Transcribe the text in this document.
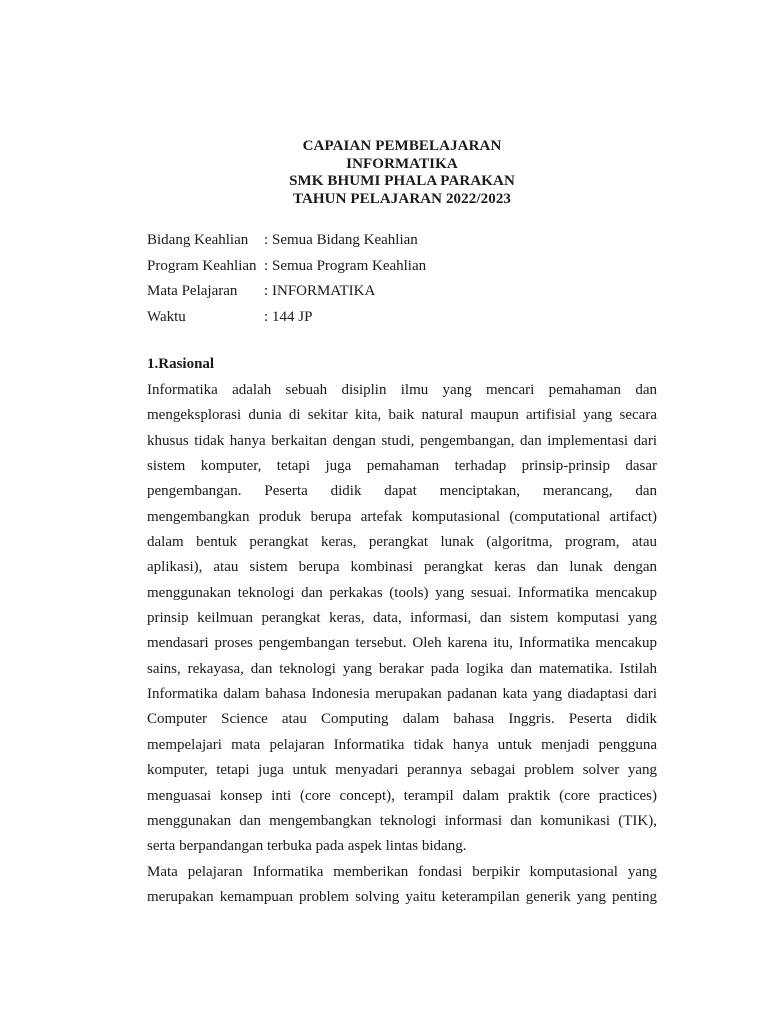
CAPAIAN PEMBELAJARAN
INFORMATIKA
SMK BHUMI PHALA PARAKAN
TAHUN PELAJARAN 2022/2023
Bidang Keahlian : Semua Bidang Keahlian
Program Keahlian : Semua Program Keahlian
Mata Pelajaran : INFORMATIKA
Waktu	: 144 JP
1.Rasional
Informatika adalah sebuah disiplin ilmu yang mencari pemahaman dan
mengeksplorasi dunia di sekitar kita, baik natural maupun artifisial yang secara
khusus tidak hanya berkaitan dengan studi, pengembangan, dan implementasi dari
sistem komputer, tetapi juga pemahaman terhadap prinsip-prinsip dasar
pengembangan. Peserta didik dapat menciptakan, merancang, dan
mengembangkan produk berupa artefak komputasional (computational artifact)
dalam bentuk perangkat keras, perangkat lunak (algoritma, program, atau
aplikasi), atau sistem berupa kombinasi perangkat keras dan lunak dengan
menggunakan teknologi dan perkakas (tools) yang sesuai. Informatika mencakup
prinsip keilmuan perangkat keras, data, informasi, dan sistem komputasi yang
mendasari proses pengembangan tersebut. Oleh karena itu, Informatika mencakup
sains, rekayasa, dan teknologi yang berakar pada logika dan matematika. Istilah
Informatika dalam bahasa Indonesia merupakan padanan kata yang diadaptasi dari
Computer Science atau Computing dalam bahasa Inggris. Peserta didik
mempelajari mata pelajaran Informatika tidak hanya untuk menjadi pengguna
komputer, tetapi juga untuk menyadari perannya sebagai problem solver yang
menguasai konsep inti (core concept), terampil dalam praktik (core practices)
menggunakan dan mengembangkan teknologi informasi dan komunikasi (TIK),
serta berpandangan terbuka pada aspek lintas bidang.
Mata pelajaran Informatika memberikan fondasi berpikir komputasional yang
merupakan kemampuan problem solving yaitu keterampilan generik yang penting
